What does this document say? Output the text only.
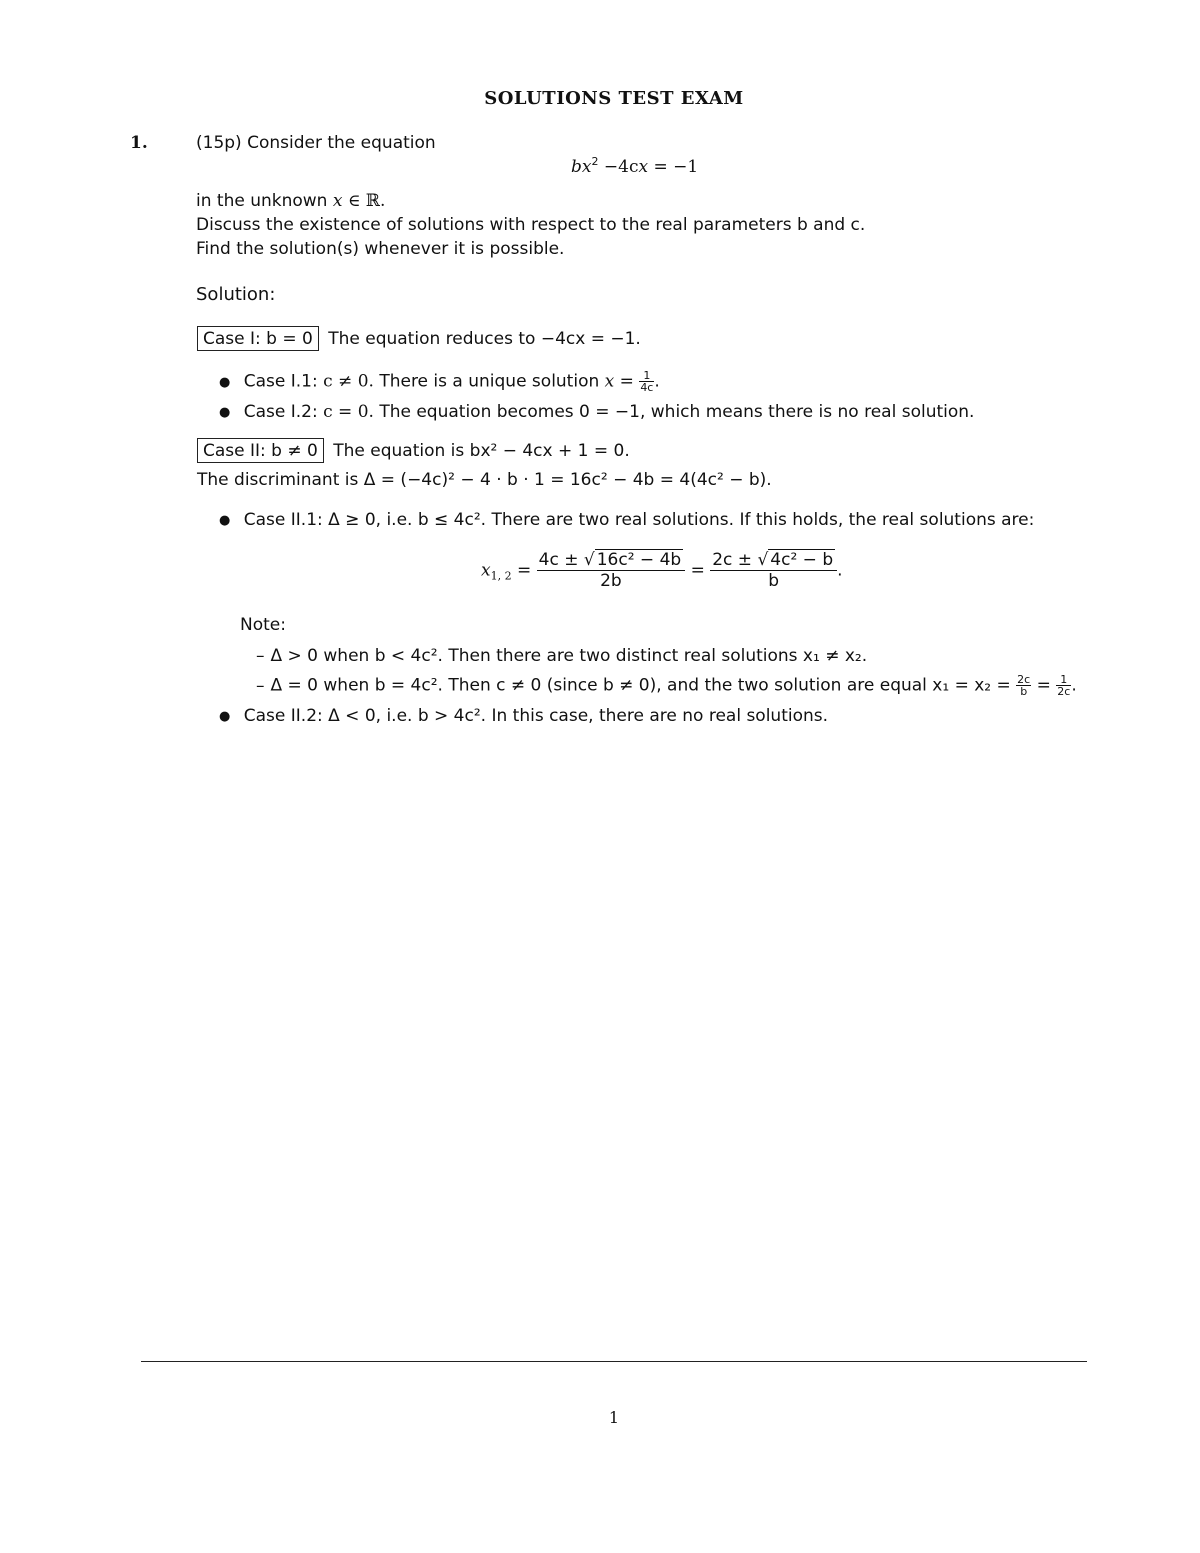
SOLUTIONS TEST EXAM
1.	(15p) Consider the equation
$bx^2 -4cx = -1$
in the unknown x ∈ ℝ.
Discuss the existence of solutions with respect to the real parameters b and c.
Find the solution(s) whenever it is possible.
Solution:
Case I: b = 0 The equation reduces to −4cx = −1.
● Case I.1: c ≠ 0. There is a unique solution $x = \frac{1}{4c}$ .
● Case I.2: c = 0. The equation becomes 0 = −1, which means there is no real solution.
Case II: b ≠ 0 The equation is bx² − 4cx + 1 = 0.
The discriminant is Δ = (−4c)² − 4 · b · 1 = 16c² − 4b = 4(4c² − b).
● Case II.1: Δ ≥ 0, i.e. b ≤ 4c². There are two real solutions. If this holds, the real solutions are:
$x_{1, 2} = \frac{\text{4c ± √ 16c² − 4b}}{2b} = \frac{\text{2c ± √ 4c² − b}}{b}$ .
Note:
– Δ > 0 when b < 4c². Then there are two distinct real solutions x₁ ≠ x₂.
– Δ = 0 when b = 4c². Then c ≠ 0 (since b ≠ 0), and the two solution are equal $x_1 = x_2 = \frac{2c}{b} = \frac{1}{2c}$ .
● Case II.2: Δ < 0, i.e. b > 4c². In this case, there are no real solutions.
1
